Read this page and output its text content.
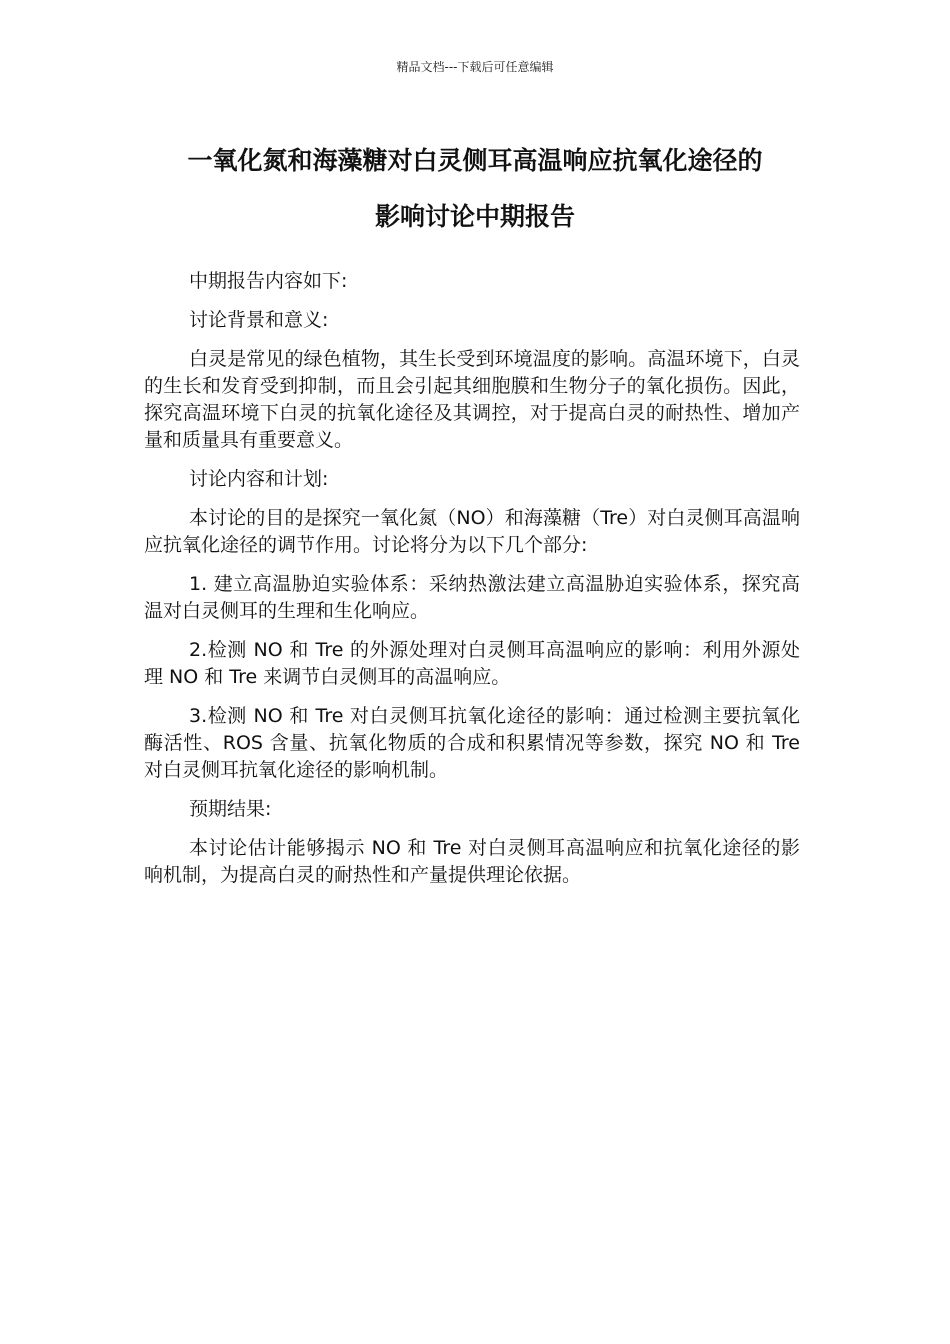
精品文档---下载后可任意编辑
一氧化氮和海藻糖对白灵侧耳高温响应抗氧化途径的
影响讨论中期报告

中期报告内容如下:

讨论背景和意义:

白灵是常见的绿色植物，其生长受到环境温度的影响。高温环境下，白灵的生长和发育受到抑制，而且会引起其细胞膜和生物分子的氧化损伤。因此，探究高温环境下白灵的抗氧化途径及其调控，对于提高白灵的耐热性、增加产量和质量具有重要意义。

讨论内容和计划:

本讨论的目的是探究一氧化氮（NO）和海藻糖（Tre）对白灵侧耳高温响应抗氧化途径的调节作用。讨论将分为以下几个部分:

1. 建立高温胁迫实验体系：采纳热激法建立高温胁迫实验体系，探究高温对白灵侧耳的生理和生化响应。

2.检测 NO 和 Tre 的外源处理对白灵侧耳高温响应的影响：利用外源处理 NO 和 Tre 来调节白灵侧耳的高温响应。

3.检测 NO 和 Tre 对白灵侧耳抗氧化途径的影响：通过检测主要抗氧化酶活性、ROS 含量、抗氧化物质的合成和积累情况等参数，探究 NO 和 Tre 对白灵侧耳抗氧化途径的影响机制。

预期结果:

本讨论估计能够揭示 NO 和 Tre 对白灵侧耳高温响应和抗氧化途径的影响机制，为提高白灵的耐热性和产量提供理论依据。
